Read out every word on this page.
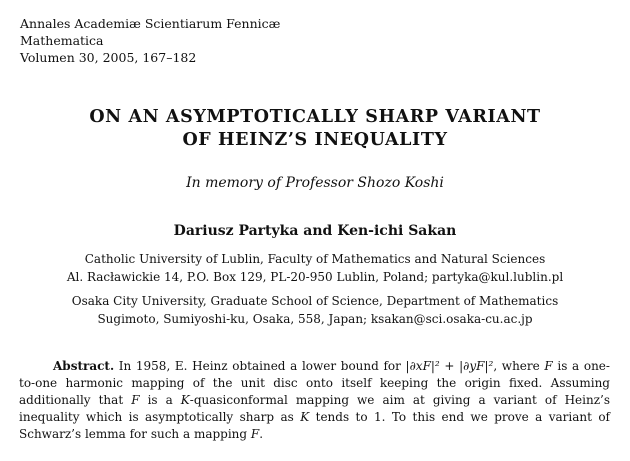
Annales Academiæ Scientiarum Fennicæ
Mathematica
Volumen 30, 2005, 167–182
ON AN ASYMPTOTICALLY SHARP VARIANT
OF HEINZ’S INEQUALITY
In memory of Professor Shozo Koshi
Dariusz Partyka and Ken-ichi Sakan
Catholic University of Lublin, Faculty of Mathematics and Natural Sciences
Al. Racławickie 14, P.O. Box 129, PL-20-950 Lublin, Poland; partyka@kul.lublin.pl
Osaka City University, Graduate School of Science, Department of Mathematics
Sugimoto, Sumiyoshi-ku, Osaka, 558, Japan; ksakan@sci.osaka-cu.ac.jp
Abstract. In 1958, E. Heinz obtained a lower bound for |∂xF|² + |∂yF|², where F is a one-to-one harmonic mapping of the unit disc onto itself keeping the origin fixed. Assuming additionally that F is a K-quasiconformal mapping we aim at giving a variant of Heinz’s inequality which is asymptotically sharp as K tends to 1. To this end we prove a variant of Schwarz’s lemma for such a mapping F.
